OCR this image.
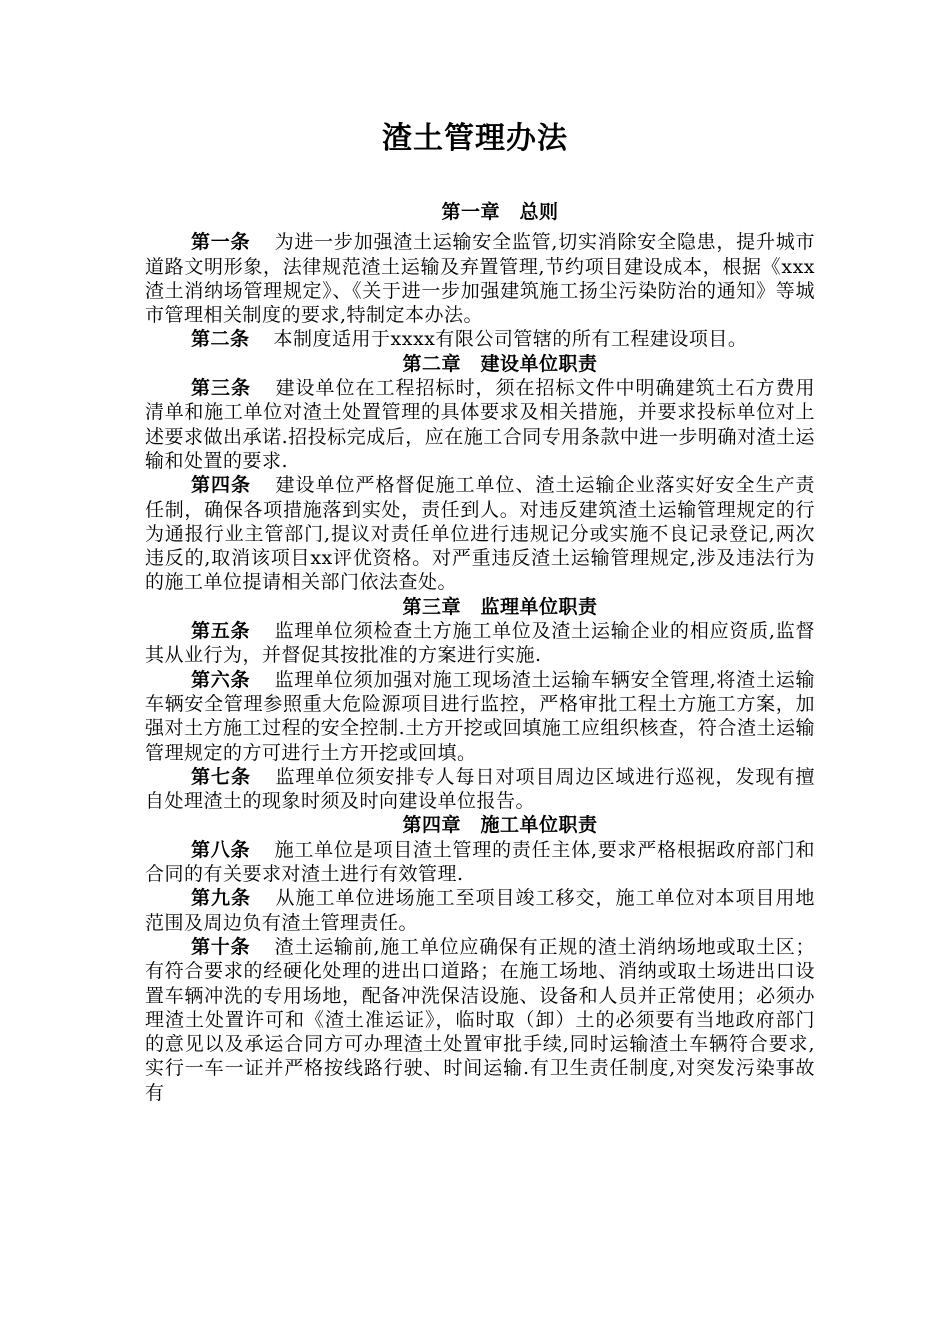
渣土管理办法

第一章　总则

第一条 为进一步加强渣土运输安全监管,切实消除安全隐患，提升城市道路文明形象，法律规范渣土运输及弃置管理,节约项目建设成本，根据《xxx渣土消纳场管理规定》、《关于进一步加强建筑施工扬尘污染防治的通知》等城市管理相关制度的要求,特制定本办法。

第二条 本制度适用于xxxx有限公司管辖的所有工程建设项目。

第二章　建设单位职责

第三条 建设单位在工程招标时，须在招标文件中明确建筑土石方费用清单和施工单位对渣土处置管理的具体要求及相关措施，并要求投标单位对上述要求做出承诺.招投标完成后，应在施工合同专用条款中进一步明确对渣土运输和处置的要求.

第四条 建设单位严格督促施工单位、渣土运输企业落实好安全生产责任制，确保各项措施落到实处，责任到人。对违反建筑渣土运输管理规定的行为通报行业主管部门,提议对责任单位进行违规记分或实施不良记录登记,两次违反的,取消该项目xx评优资格。对严重违反渣土运输管理规定,涉及违法行为的施工单位提请相关部门依法查处。

第三章　监理单位职责

第五条 监理单位须检查土方施工单位及渣土运输企业的相应资质,监督其从业行为，并督促其按批准的方案进行实施.

第六条 监理单位须加强对施工现场渣土运输车辆安全管理,将渣土运输车辆安全管理参照重大危险源项目进行监控，严格审批工程土方施工方案，加强对土方施工过程的安全控制.土方开挖或回填施工应组织核查，符合渣土运输管理规定的方可进行土方开挖或回填。

第七条 监理单位须安排专人每日对项目周边区域进行巡视，发现有擅自处理渣土的现象时须及时向建设单位报告。

第四章　施工单位职责

第八条 施工单位是项目渣土管理的责任主体,要求严格根据政府部门和合同的有关要求对渣土进行有效管理.

第九条 从施工单位进场施工至项目竣工移交，施工单位对本项目用地范围及周边负有渣土管理责任。

第十条 渣土运输前,施工单位应确保有正规的渣土消纳场地或取土区；有符合要求的经硬化处理的进出口道路；在施工场地、消纳或取土场进出口设置车辆冲洗的专用场地，配备冲洗保洁设施、设备和人员并正常使用；必须办理渣土处置许可和《渣土准运证》，临时取（卸）土的必须要有当地政府部门的意见以及承运合同方可办理渣土处置审批手续,同时运输渣土车辆符合要求,实行一车一证并严格按线路行驶、时间运输.有卫生责任制度,对突发污染事故有
